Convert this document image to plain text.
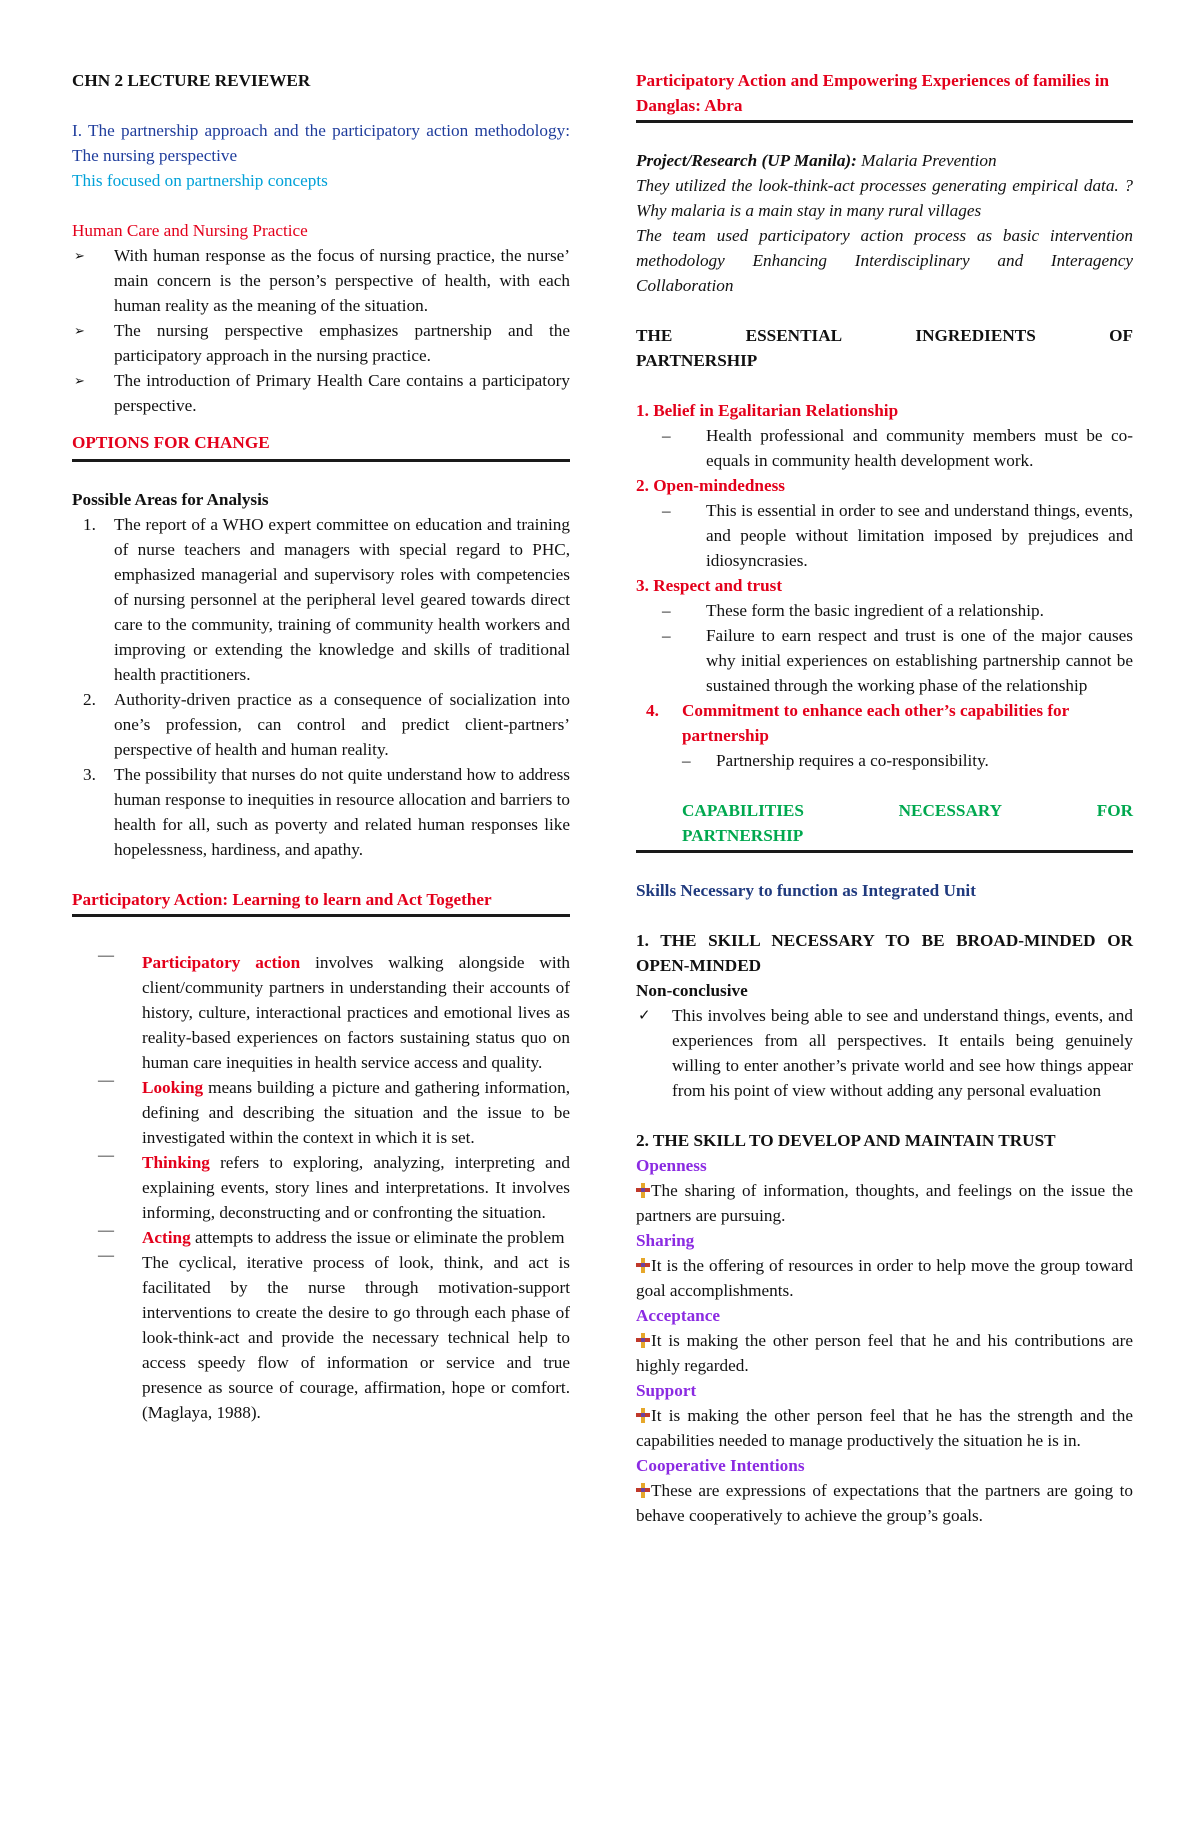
CHN 2 LECTURE REVIEWER

I. The partnership approach and the participatory action methodology: The nursing perspective

This focused on partnership concepts

Human Care and Nursing Practice

➢ With human response as the focus of nursing practice, the nurse’ main concern is the person’s perspective of health, with each human reality as the meaning of the situation.
➢ The nursing perspective emphasizes partnership and the participatory approach in the nursing practice.
➢ The introduction of Primary Health Care contains a participatory perspective.

OPTIONS FOR CHANGE

Possible Areas for Analysis

1. The report of a WHO expert committee on education and training of nurse teachers and managers with special regard to PHC, emphasized managerial and supervisory roles with competencies of nursing personnel at the peripheral level geared towards direct care to the community, training of community health workers and improving or extending the knowledge and skills of traditional health practitioners.
2. Authority-driven practice as a consequence of socialization into one’s profession, can control and predict client-partners’ perspective of health and human reality.
3. The possibility that nurses do not quite understand how to address human response to inequities in resource allocation and barriers to health for all, such as poverty and related human responses like hopelessness, hardiness, and apathy.

Participatory Action: Learning to learn and Act Together

— Participatory action involves walking alongside with client/community partners in understanding their accounts of history, culture, interactional practices and emotional lives as reality-based experiences on factors sustaining status quo on human care inequities in health service access and quality.
— Looking means building a picture and gathering information, defining and describing the situation and the issue to be investigated within the context in which it is set.
— Thinking refers to exploring, analyzing, interpreting and explaining events, story lines and interpretations. It involves informing, deconstructing and or confronting the situation.
— Acting attempts to address the issue or eliminate the problem
— The cyclical, iterative process of look, think, and act is facilitated by the nurse through motivation-support interventions to create the desire to go through each phase of look-think-act and provide the necessary technical help to access speedy flow of information or service and true presence as source of courage, affirmation, hope or comfort. (Maglaya, 1988).

Participatory Action and Empowering Experiences of families in Danglas: Abra

Project/Research (UP Manila): Malaria Prevention

They utilized the look-think-act processes generating empirical data. ? Why malaria is a main stay in many rural villages

The team used participatory action process as basic intervention methodology Enhancing Interdisciplinary and Interagency Collaboration

THE	ESSENTIAL	INGREDIENTS	OF

PARTNERSHIP

1. Belief in Egalitarian Relationship

– Health professional and community members must be co-equals in community health development work.

2. Open-mindedness

– This is essential in order to see and understand things, events, and people without limitation imposed by prejudices and idiosyncrasies.

3. Respect and trust

– These form the basic ingredient of a relationship.
– Failure to earn respect and trust is one of the major causes why initial experiences on establishing partnership cannot be sustained through the working phase of the relationship
4. Commitment to enhance each other’s capabilities for partnership
– Partnership requires a co-responsibility.
CAPABILITIES	NECESSARY	FOR

PARTNERSHIP

Skills Necessary to function as Integrated Unit

1. THE SKILL NECESSARY TO BE BROAD-MINDED OR OPEN-MINDED

Non-conclusive

✓ This involves being able to see and understand things, events, and experiences from all perspectives. It entails being genuinely willing to enter another’s private world and see how things appear from his point of view without adding any personal evaluation

2. THE SKILL TO DEVELOP AND MAINTAIN TRUST

Openness

The sharing of information, thoughts, and feelings on the issue the partners are pursuing.

Sharing

It is the offering of resources in order to help move the group toward goal accomplishments.

Acceptance

It is making the other person feel that he and his contributions are highly regarded.

Support

It is making the other person feel that he has the strength and the capabilities needed to manage productively the situation he is in.

Cooperative Intentions

These are expressions of expectations that the partners are going to behave cooperatively to achieve the group’s goals.
